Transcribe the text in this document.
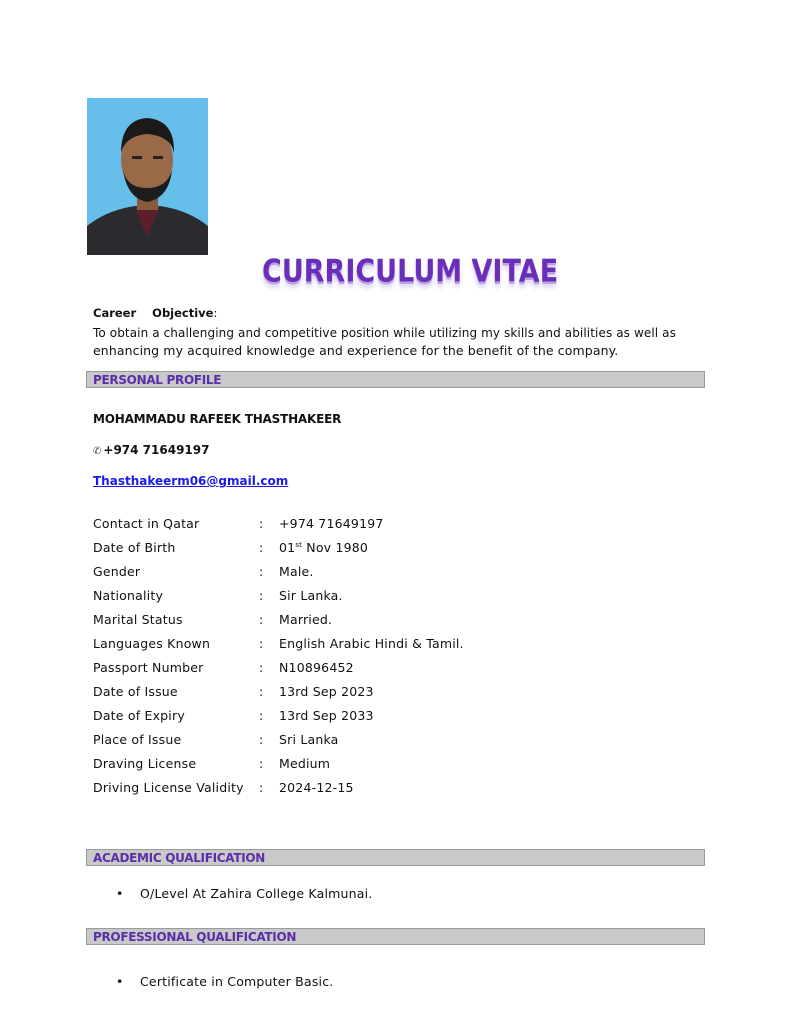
CURRICULUM VITAE
Career Objective:
To obtain a challenging and competitive position while utilizing my skills and abilities as well as
enhancing my acquired knowledge and experience for the benefit of the company.
PERSONAL PROFILE
MOHAMMADU RAFEEK THASTHAKEER
✆ +974 71649197
Thasthakeerm06@gmail.com
Contact in Qatar	:	+974 71649197
Date of Birth	:	01st Nov 1980
Gender	:	Male.
Nationality	:	Sir Lanka.
Marital Status	:	Married.
Languages Known	:	English Arabic Hindi & Tamil.
Passport Number	:	N10896452
Date of Issue	:	13rd Sep 2023
Date of Expiry	:	13rd Sep 2033
Place of Issue	:	Sri Lanka
Draving License	:	Medium
Driving License Validity	:	2024-12-15
ACADEMIC QUALIFICATION
• O/Level At Zahira College Kalmunai.
PROFESSIONAL QUALIFICATION
• Certificate in Computer Basic.
